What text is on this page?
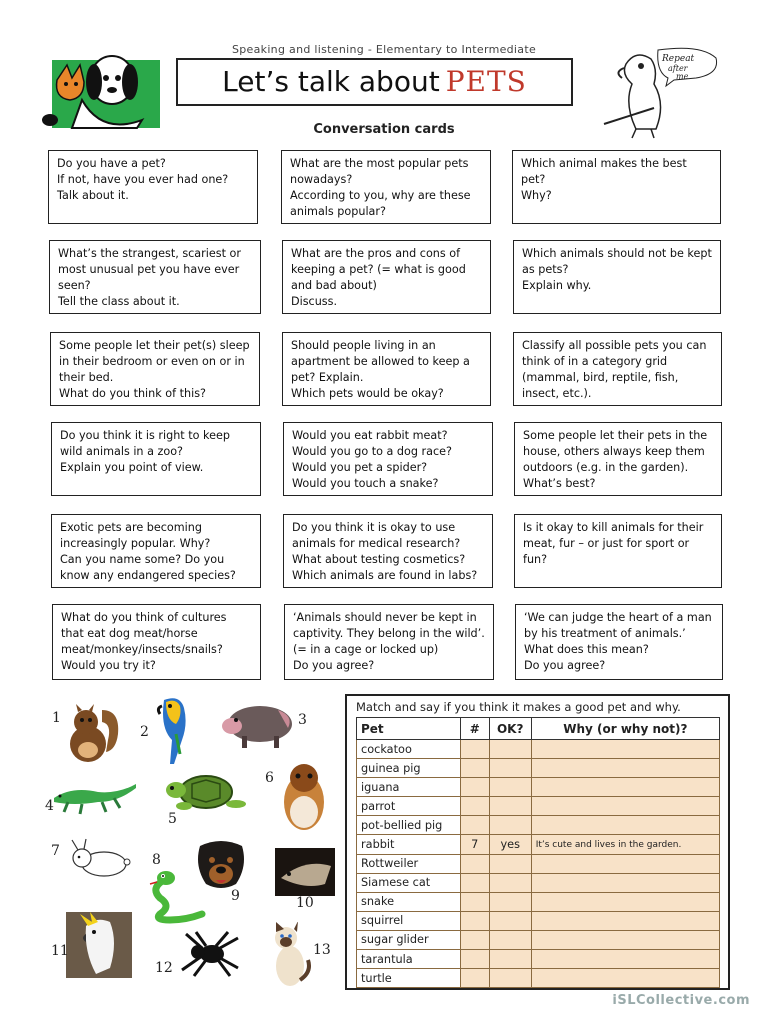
Speaking and listening - Elementary to Intermediate
Let’s talk about PETS
Repeat
after
me
Conversation cards
Do you have a pet?
If not, have you ever had one?
Talk about it.
What are the most popular pets nowadays?
According to you, why are these animals popular?
Which animal makes the best pet?
Why?
What’s the strangest, scariest or most unusual pet you have ever seen?
Tell the class about it.
What are the pros and cons of keeping a pet? (= what is good and bad about)
Discuss.
Which animals should not be kept as pets?
Explain why.
Some people let their pet(s) sleep in their bedroom or even on or in their bed.
What do you think of this?
Should people living in an apartment be allowed to keep a pet? Explain.
Which pets would be okay?
Classify all possible pets you can think of in a category grid (mammal, bird, reptile, fish, insect, etc.).
Do you think it is right to keep wild animals in a zoo?
Explain you point of view.
Would you eat rabbit meat?
Would you go to a dog race?
Would you pet a spider?
Would you touch a snake?
Some people let their pets in the house, others always keep them outdoors (e.g. in the garden).
What’s best?
Exotic pets are becoming increasingly popular. Why?
Can you name some? Do you know any endangered species?
Do you think it is okay to use animals for medical research?
What about testing cosmetics?
Which animals are found in labs?
Is it okay to kill animals for their meat, fur – or just for sport or fun?
What do you think of cultures that eat dog meat/horse meat/monkey/insects/snails?
Would you try it?
‘Animals should never be kept in captivity. They belong in the wild’. (= in a cage or locked up)
Do you agree?
‘We can judge the heart of a man by his treatment of animals.’
What does this mean?
Do you agree?
1
2
3
4
5
6
7
8
9	10
11
12
13
Match and say if you think it makes a good pet and why.
Pet	#	OK?	Why (or why not)?
cockatoo			
guinea pig			
iguana			
parrot			
pot-bellied pig			
rabbit	7	yes	It’s cute and lives in the garden.
Rottweiler			
Siamese cat			
snake			
squirrel			
sugar glider			
tarantula			
turtle			
iSLCollective.com
